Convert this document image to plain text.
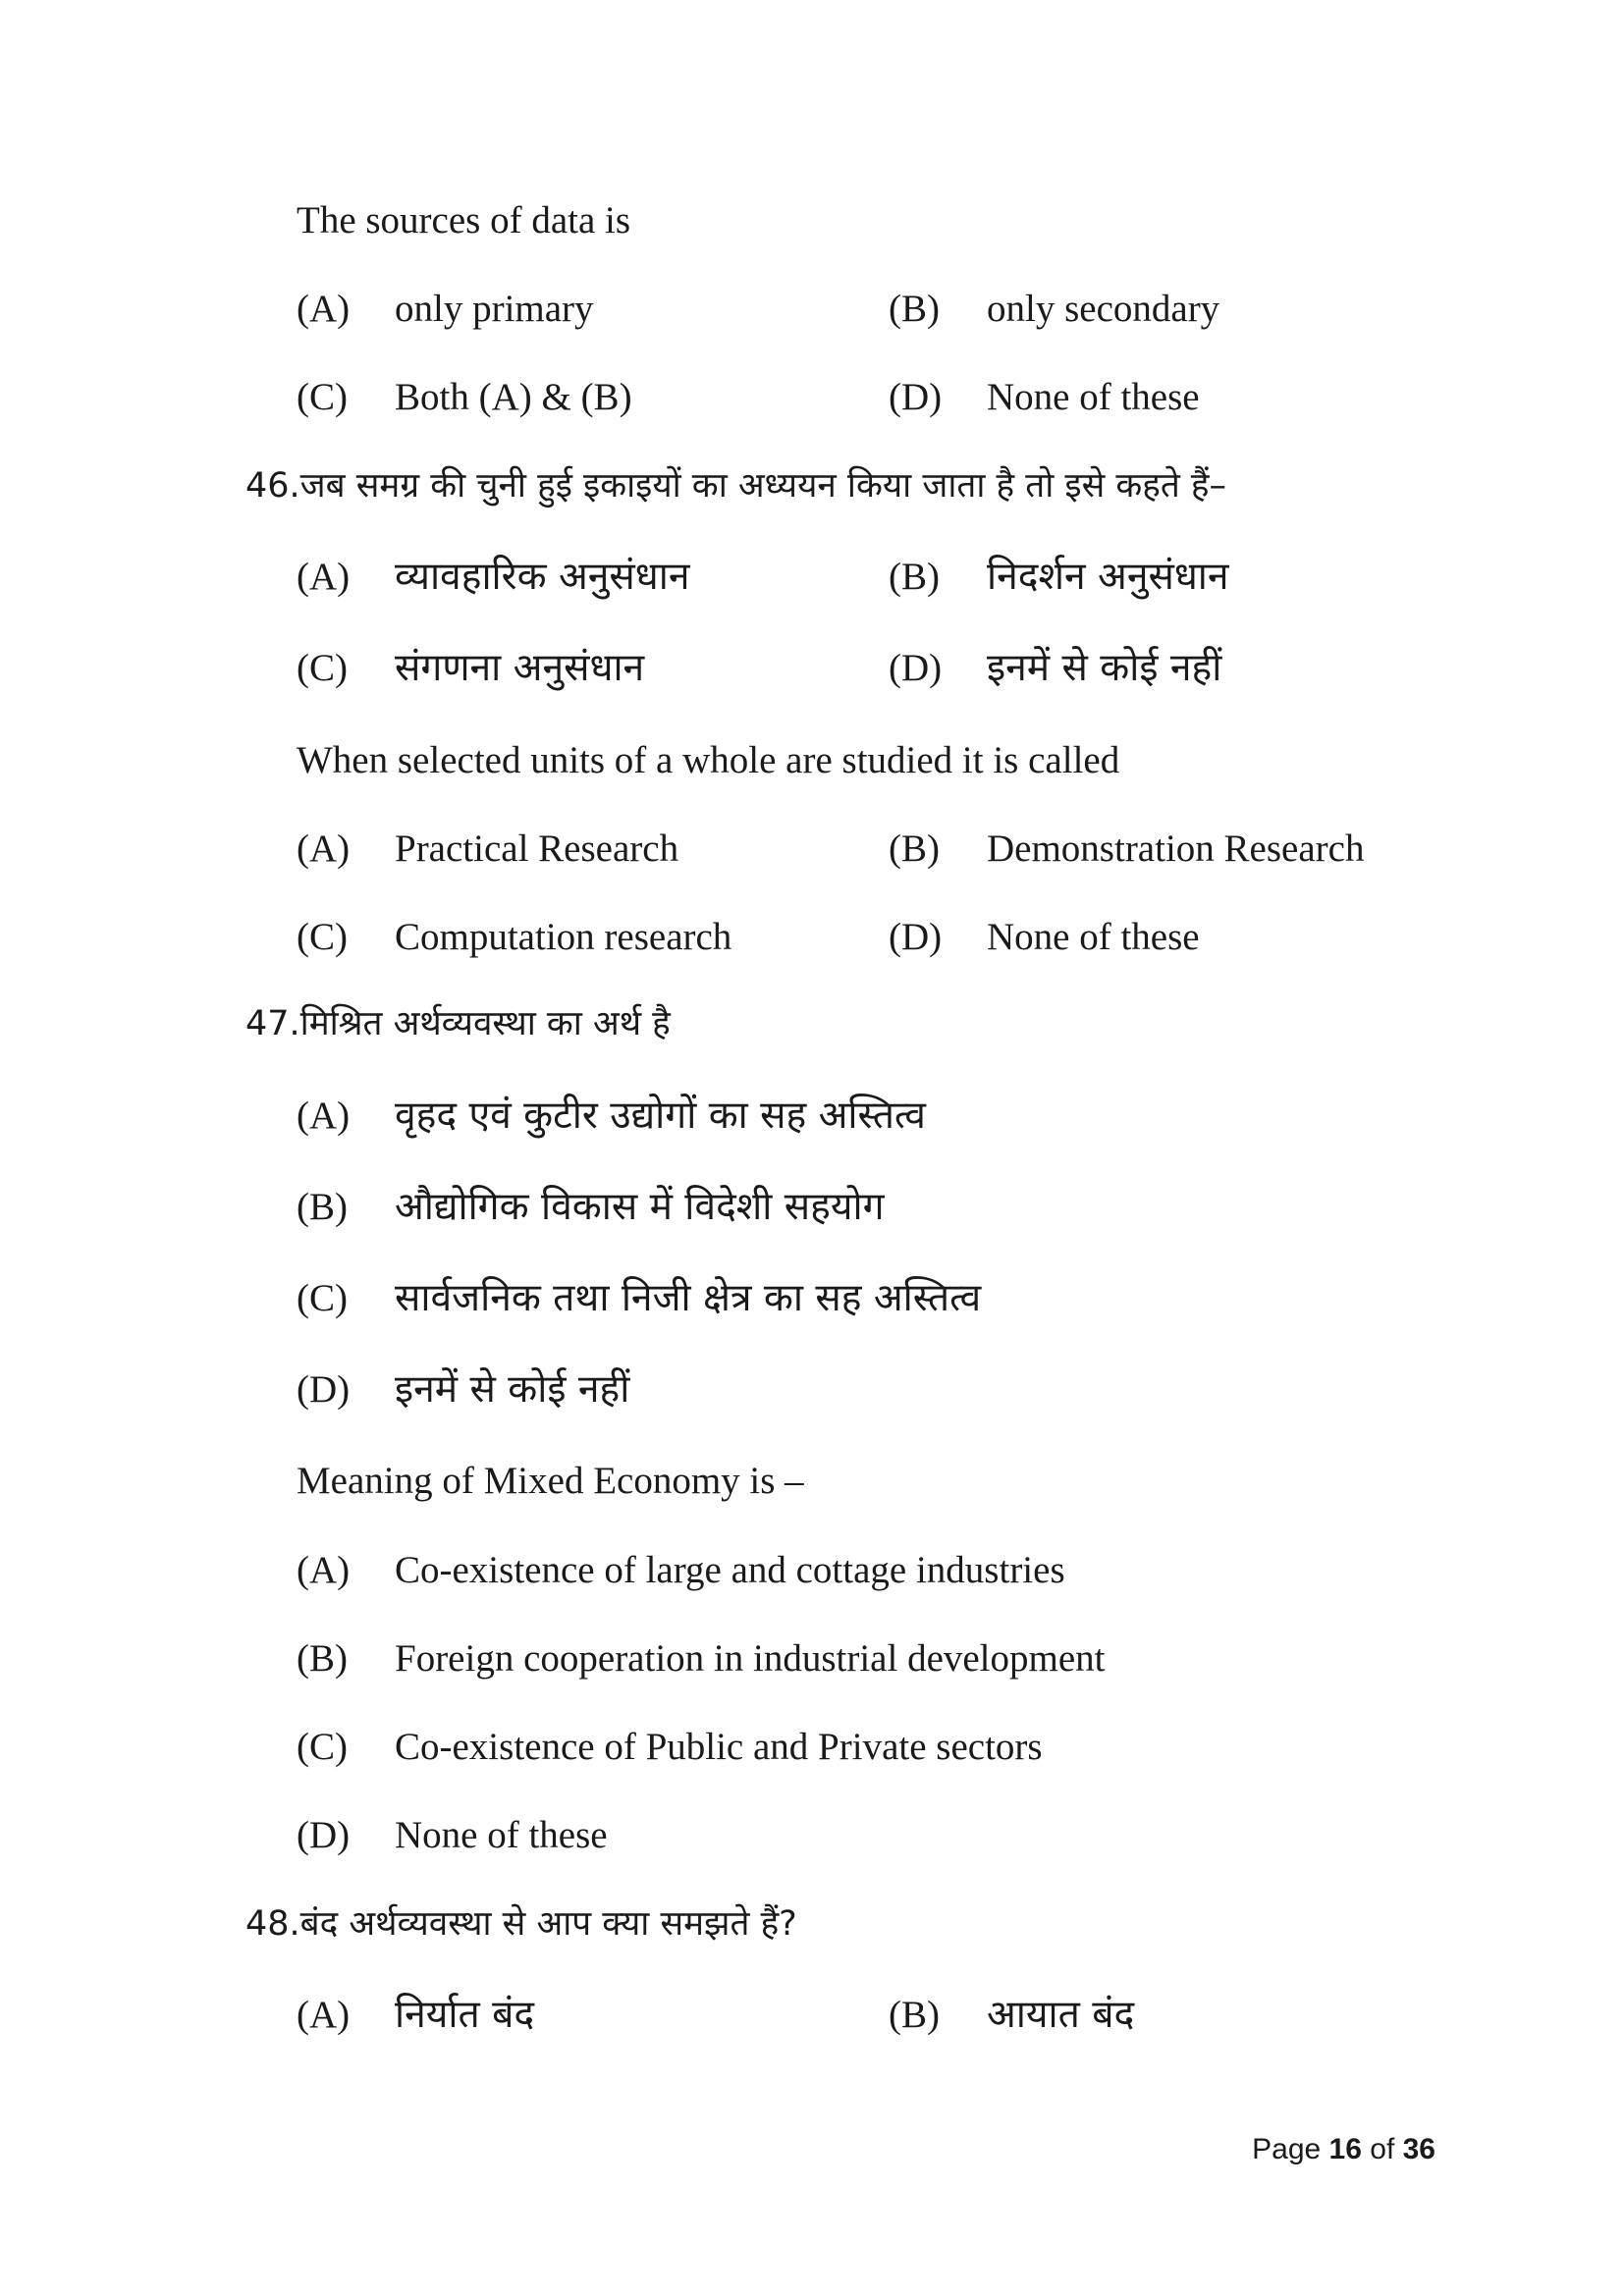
The sources of data is
(A) only primary	(B) only secondary
(C) Both (A) & (B)	(D) None of these
46.जब समग्र की चुनी हुई इकाइयों का अध्ययन किया जाता है तो इसे कहते हैं–
(A) व्यावहारिक अनुसंधान	(B) निदर्शन अनुसंधान
(C) संगणना अनुसंधान	(D) इनमें से कोई नहीं
When selected units of a whole are studied it is called
(A) Practical Research	(B) Demonstration Research
(C) Computation research	(D) None of these
47.मिश्रित अर्थव्यवस्था का अर्थ है
(A) वृहद एवं कुटीर उद्योगों का सह अस्तित्व
(B) औद्योगिक विकास में विदेशी सहयोग
(C) सार्वजनिक तथा निजी क्षेत्र का सह अस्तित्व
(D) इनमें से कोई नहीं
Meaning of Mixed Economy is –
(A) Co-existence of large and cottage industries
(B) Foreign cooperation in industrial development
(C) Co-existence of Public and Private sectors
(D) None of these
48.बंद अर्थव्यवस्था से आप क्या समझते हैं?
(A) निर्यात बंद	(B) आयात बंद
Page 16 of 36
